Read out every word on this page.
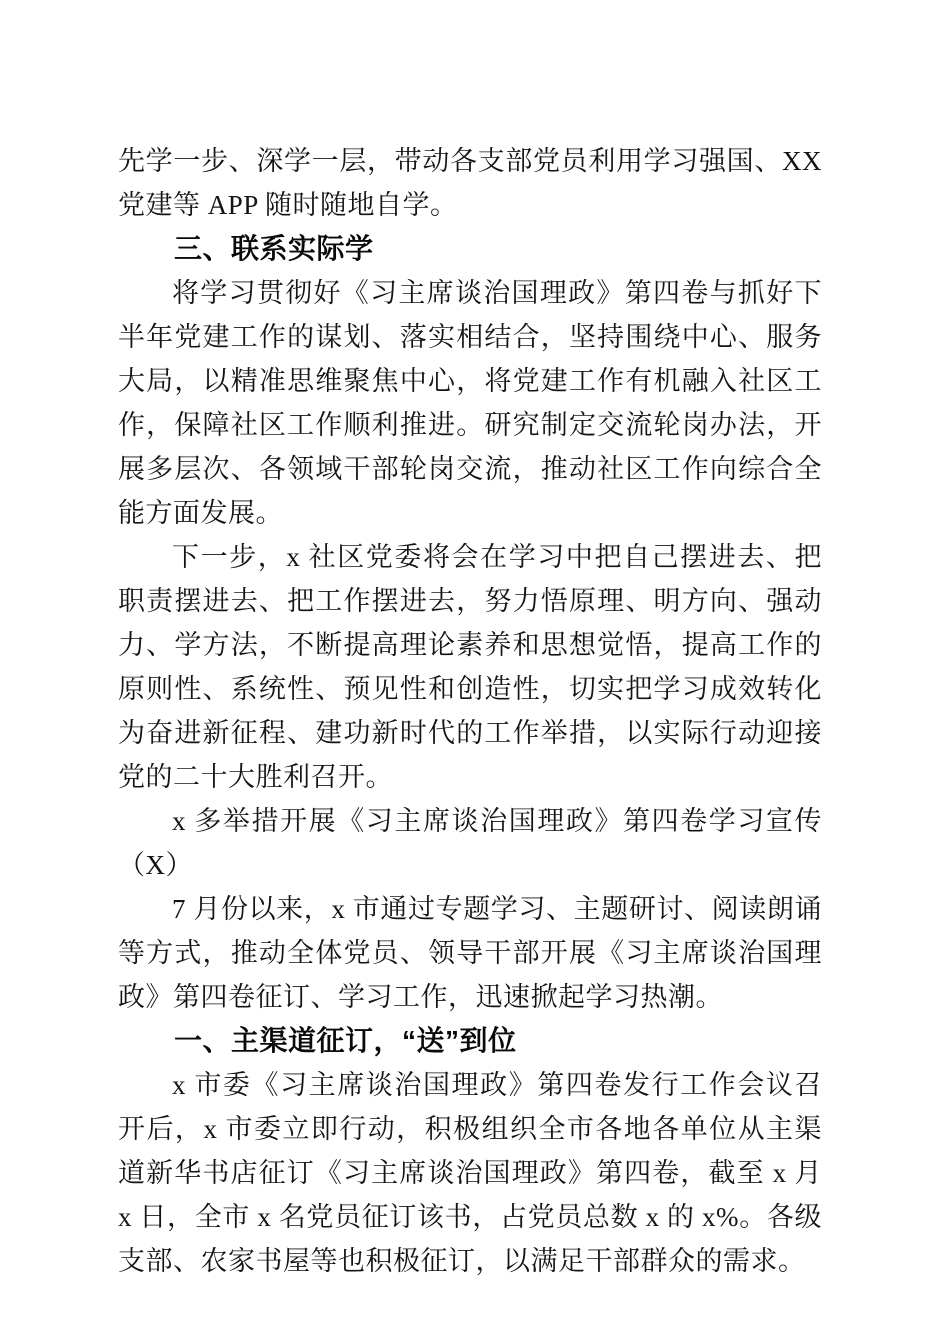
先学一步、深学一层，带动各支部党员利用学习强国、XX 党建等 APP 随时随地自学。

三、联系实际学

将学习贯彻好《习主席谈治国理政》第四卷与抓好下半年党建工作的谋划、落实相结合，坚持围绕中心、服务大局，以精准思维聚焦中心，将党建工作有机融入社区工作，保障社区工作顺利推进。研究制定交流轮岗办法，开展多层次、各领域干部轮岗交流，推动社区工作向综合全能方面发展。

下一步，x 社区党委将会在学习中把自己摆进去、把职责摆进去、把工作摆进去，努力悟原理、明方向、强动力、学方法，不断提高理论素养和思想觉悟，提高工作的原则性、系统性、预见性和创造性，切实把学习成效转化为奋进新征程、建功新时代的工作举措，以实际行动迎接党的二十大胜利召开。

x 多举措开展《习主席谈治国理政》第四卷学习宣传（X）

7 月份以来，x 市通过专题学习、主题研讨、阅读朗诵等方式，推动全体党员、领导干部开展《习主席谈治国理政》第四卷征订、学习工作，迅速掀起学习热潮。

一、主渠道征订，“送”到位

x 市委《习主席谈治国理政》第四卷发行工作会议召开后，x 市委立即行动，积极组织全市各地各单位从主渠道新华书店征订《习主席谈治国理政》第四卷，截至 x 月 x 日，全市 x 名党员征订该书，占党员总数 x 的 x%。各级支部、农家书屋等也积极征订，以满足干部群众的需求。
